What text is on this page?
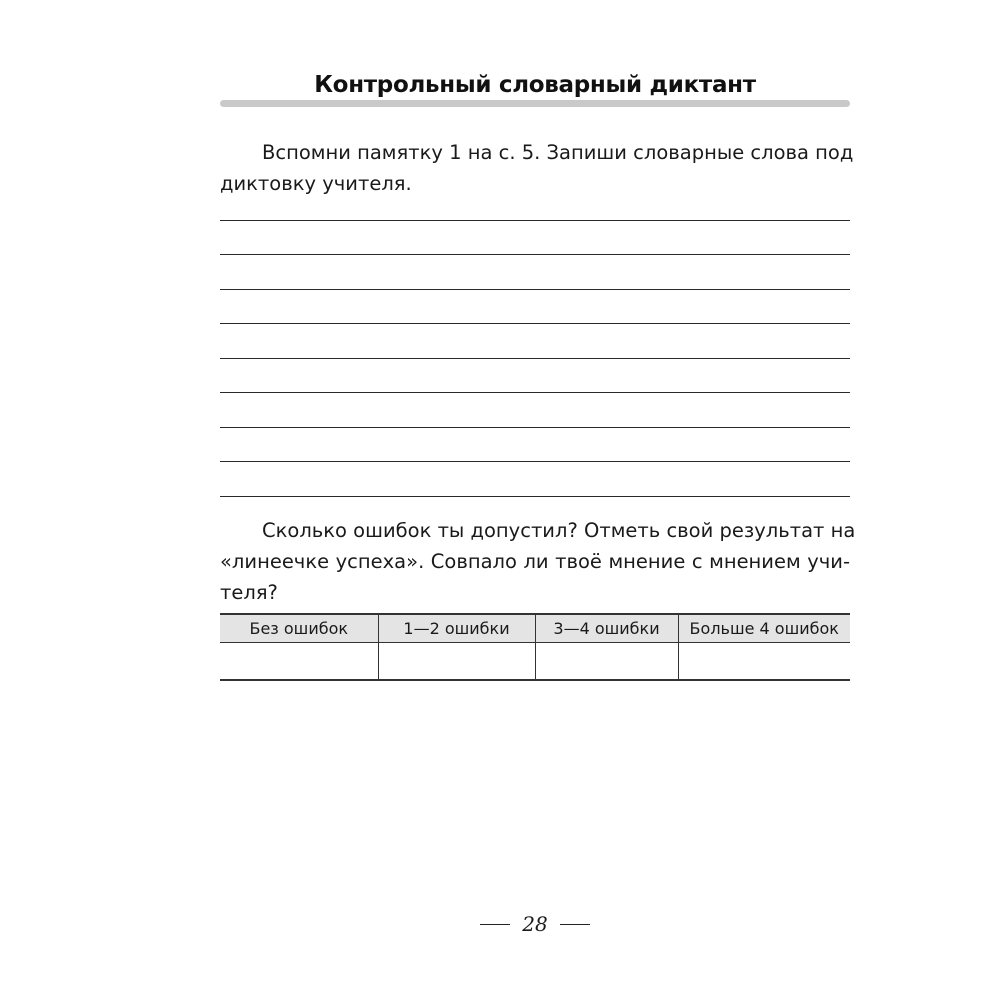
Контрольный словарный диктант
Вспомни памятку 1 на с. 5. Запиши словарные слова под
диктовку учителя.
Сколько ошибок ты допустил? Отметь свой результат на
«линеечке успеха». Совпало ли твоё мнение с мнением учи-
теля?
Без ошибок	1—2 ошибки	3—4 ошибки	Больше 4 ошибок

28
